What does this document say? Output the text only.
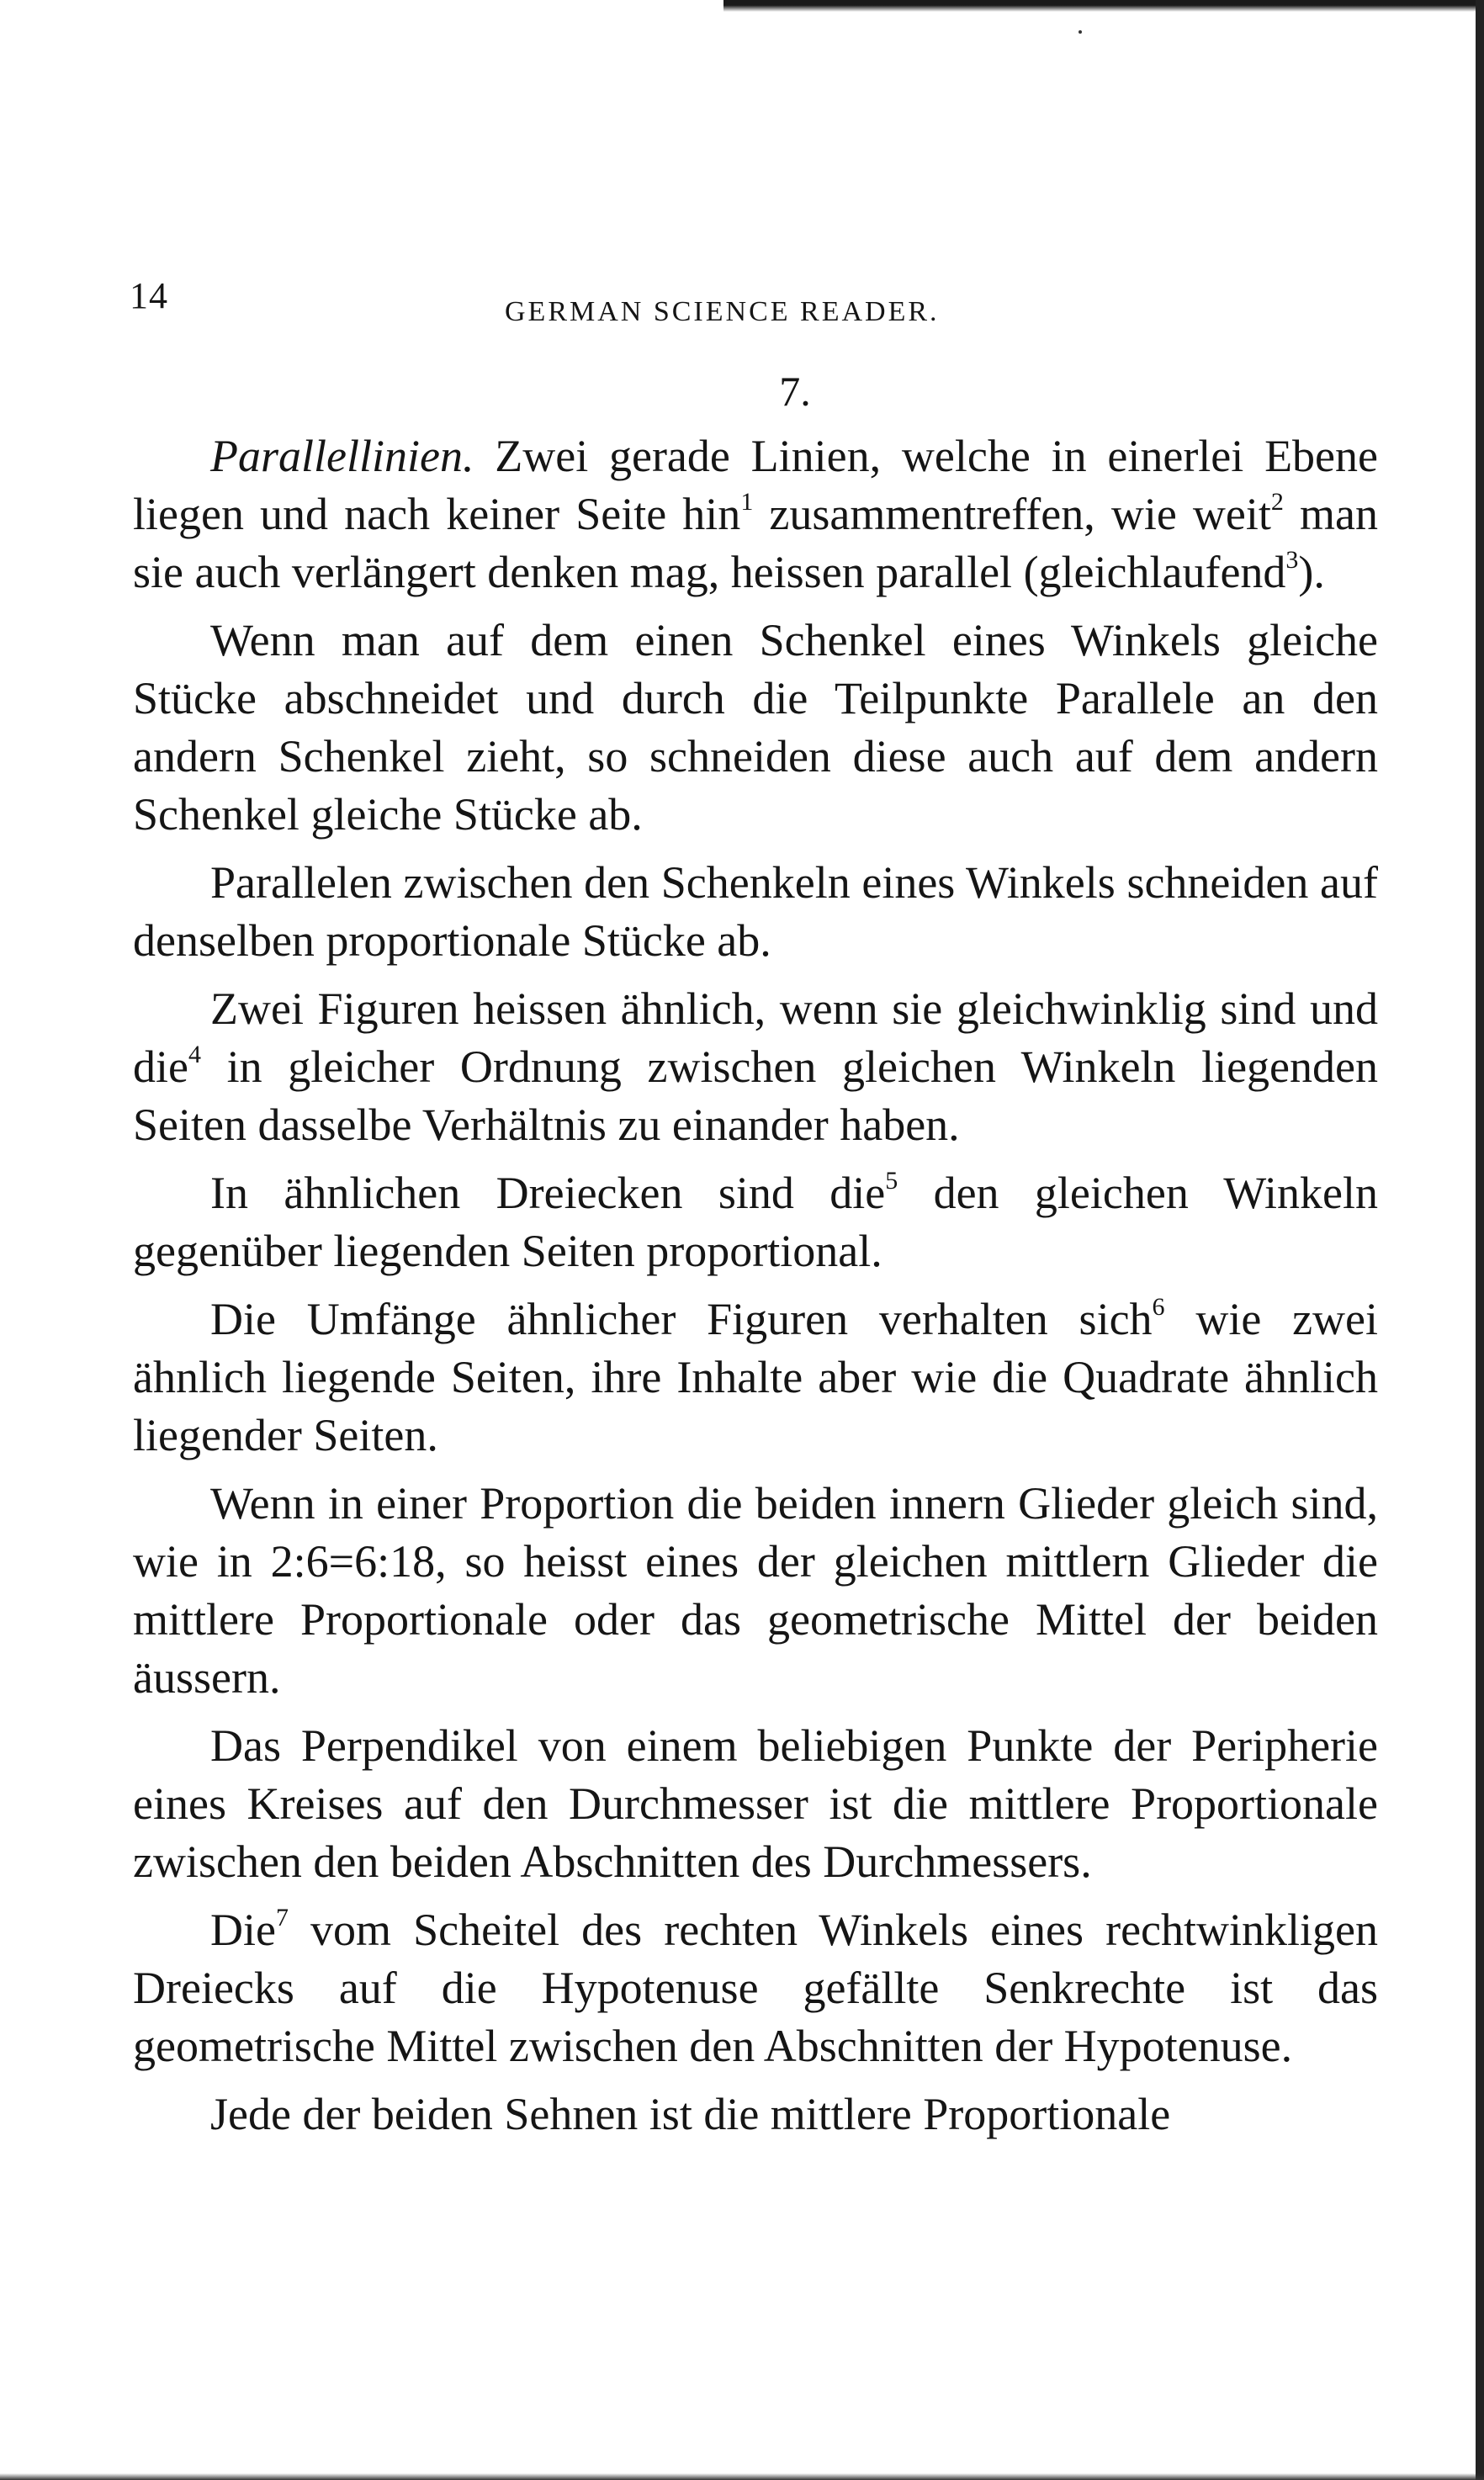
14	GERMAN SCIENCE READER.
7.

Parallellinien. Zwei gerade Linien, welche in einerlei Ebene liegen und nach keiner Seite hin$^1$ zusammentreffen, wie weit$^2$ man sie auch verlängert denken mag, heissen parallel (gleichlaufend$^3$).

Wenn man auf dem einen Schenkel eines Winkels gleiche Stücke abschneidet und durch die Teilpunkte Parallele an den andern Schenkel zieht, so schneiden diese auch auf dem andern Schenkel gleiche Stücke ab.

Parallelen zwischen den Schenkeln eines Winkels schneiden auf denselben proportionale Stücke ab.

Zwei Figuren heissen ähnlich, wenn sie gleichwinklig sind und die$^4$ in gleicher Ordnung zwischen gleichen Winkeln liegenden Seiten dasselbe Verhältnis zu einander haben.

In ähnlichen Dreiecken sind die$^5$ den gleichen Winkeln gegenüber liegenden Seiten proportional.

Die Umfänge ähnlicher Figuren verhalten sich$^6$ wie zwei ähnlich liegende Seiten, ihre Inhalte aber wie die Quadrate ähnlich liegender Seiten.

Wenn in einer Proportion die beiden innern Glieder gleich sind, wie in 2:6=6:18, so heisst eines der gleichen mittlern Glieder die mittlere Proportionale oder das geometrische Mittel der beiden äussern.

Das Perpendikel von einem beliebigen Punkte der Peripherie eines Kreises auf den Durchmesser ist die mittlere Proportionale zwischen den beiden Abschnitten des Durchmessers.

Die$^7$ vom Scheitel des rechten Winkels eines rechtwinkligen Dreiecks auf die Hypotenuse gefällte Senkrechte ist das geometrische Mittel zwischen den Abschnitten der Hypotenuse.

Jede der beiden Sehnen ist die mittlere Proportionale
